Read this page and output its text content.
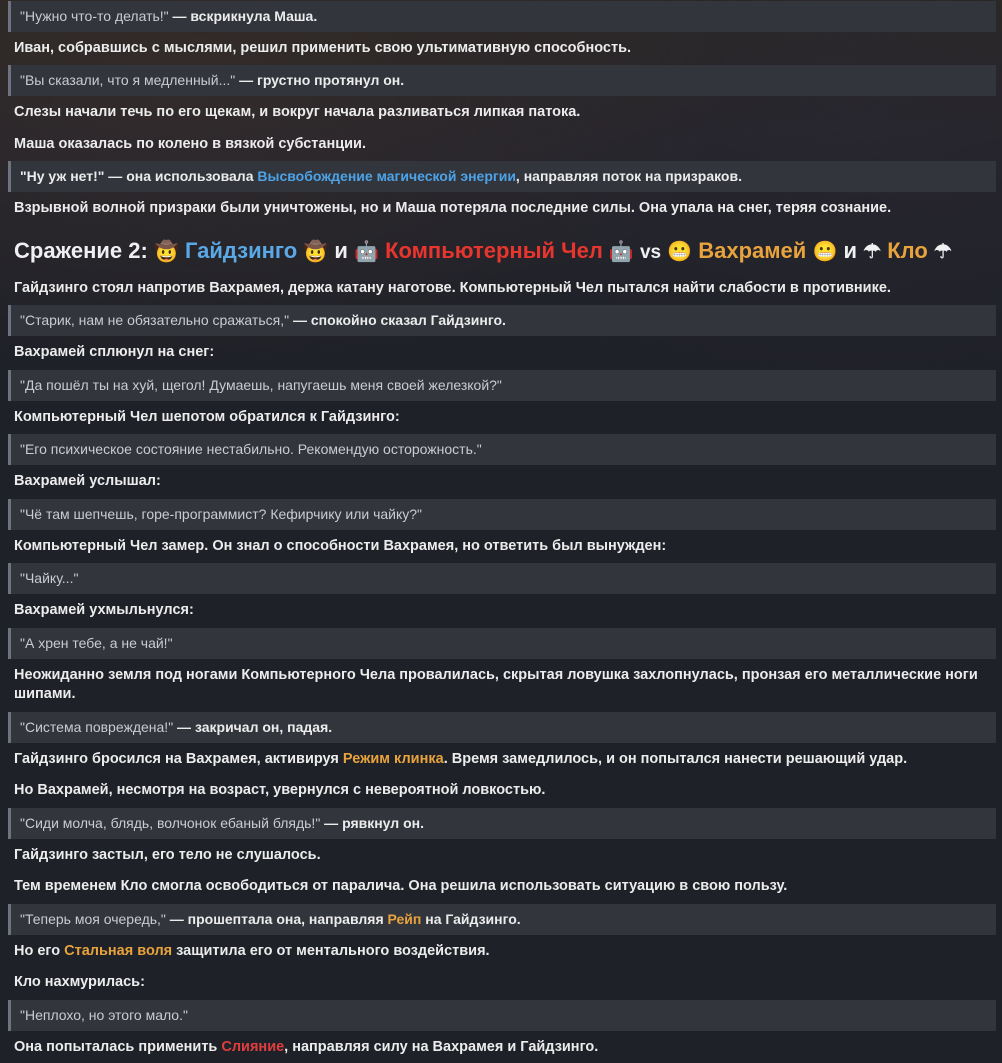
"Нужно что-то делать!" — вскрикнула Маша.

Иван, собравшись с мыслями, решил применить свою ультимативную способность.

"Вы сказали, что я медленный..." — грустно протянул он.

Слезы начали течь по его щекам, и вокруг начала разливаться липкая патока.

Маша оказалась по колено в вязкой субстанции.

"Ну уж нет!" — она использовала Высвобождение магической энергии, направляя поток на призраков.

Взрывной волной призраки были уничтожены, но и Маша потеряла последние силы. Она упала на снег, теряя сознание.

Сражение 2: 🤠 Гайдзинго 🤠 и 🤖 Компьютерный Чел 🤖 vs 😬 Вахрамей 😬 и ☂ Кло ☂

Гайдзинго стоял напротив Вахрамея, держа катану наготове. Компьютерный Чел пытался найти слабости в противнике.

"Старик, нам не обязательно сражаться," — спокойно сказал Гайдзинго.

Вахрамей сплюнул на снег:

"Да пошёл ты на хуй, щегол! Думаешь, напугаешь меня своей железкой?"

Компьютерный Чел шепотом обратился к Гайдзинго:

"Его психическое состояние нестабильно. Рекомендую осторожность."

Вахрамей услышал:

"Чё там шепчешь, горе-программист? Кефирчику или чайку?"

Компьютерный Чел замер. Он знал о способности Вахрамея, но ответить был вынужден:

"Чайку..."

Вахрамей ухмыльнулся:

"А хрен тебе, а не чай!"

Неожиданно земля под ногами Компьютерного Чела провалилась, скрытая ловушка захлопнулась, пронзая его металлические ноги шипами.

"Система повреждена!" — закричал он, падая.

Гайдзинго бросился на Вахрамея, активируя Режим клинка. Время замедлилось, и он попытался нанести решающий удар.

Но Вахрамей, несмотря на возраст, увернулся с невероятной ловкостью.

"Сиди молча, блядь, волчонок ебаный блядь!" — рявкнул он.

Гайдзинго застыл, его тело не слушалось.

Тем временем Кло смогла освободиться от паралича. Она решила использовать ситуацию в свою пользу.

"Теперь моя очередь," — прошептала она, направляя Рейп на Гайдзинго.

Но его Стальная воля защитила его от ментального воздействия.

Кло нахмурилась:

"Неплохо, но этого мало."

Она попыталась применить Слияние, направляя силу на Вахрамея и Гайдзинго.
